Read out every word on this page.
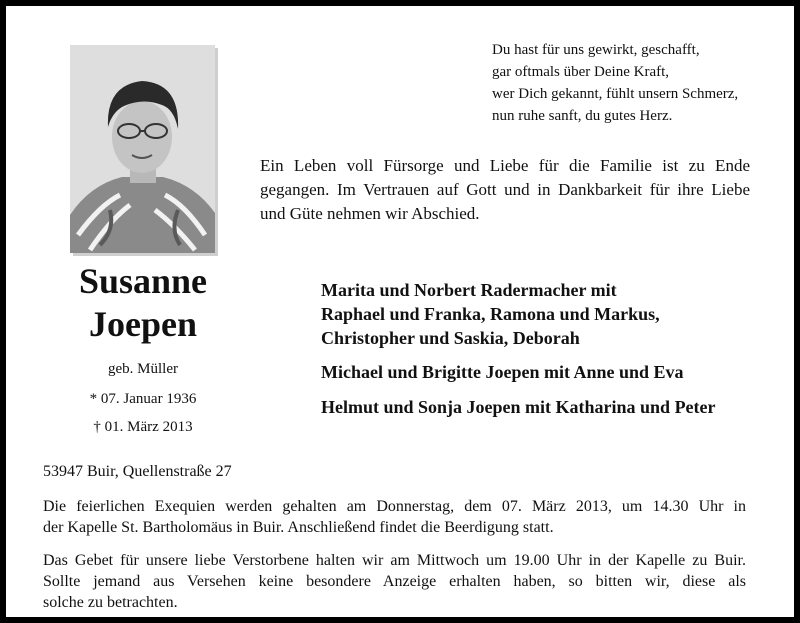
Susanne
Joepen
geb. Müller
* 07. Januar 1936
† 01. März 2013
Du hast für uns gewirkt, geschafft,
gar oftmals über Deine Kraft,
wer Dich gekannt, fühlt unsern Schmerz,
nun ruhe sanft, du gutes Herz.
Ein Leben voll Fürsorge und Liebe für die Familie ist zu Ende
gegangen. Im Vertrauen auf Gott und in Dankbarkeit für ihre Liebe
und Güte nehmen wir Abschied.
Marita und Norbert Radermacher mit
Raphael und Franka, Ramona und Markus,
Christopher und Saskia, Deborah
Michael und Brigitte Joepen mit Anne und Eva
Helmut und Sonja Joepen mit Katharina und Peter
53947 Buir, Quellenstraße 27
Die feierlichen Exequien werden gehalten am Donnerstag, dem 07. März 2013, um 14.30 Uhr in
der Kapelle St. Bartholomäus in Buir. Anschließend findet die Beerdigung statt.
Das Gebet für unsere liebe Verstorbene halten wir am Mittwoch um 19.00 Uhr in der Kapelle zu Buir.
Sollte jemand aus Versehen keine besondere Anzeige erhalten haben, so bitten wir, diese als
solche zu betrachten.
